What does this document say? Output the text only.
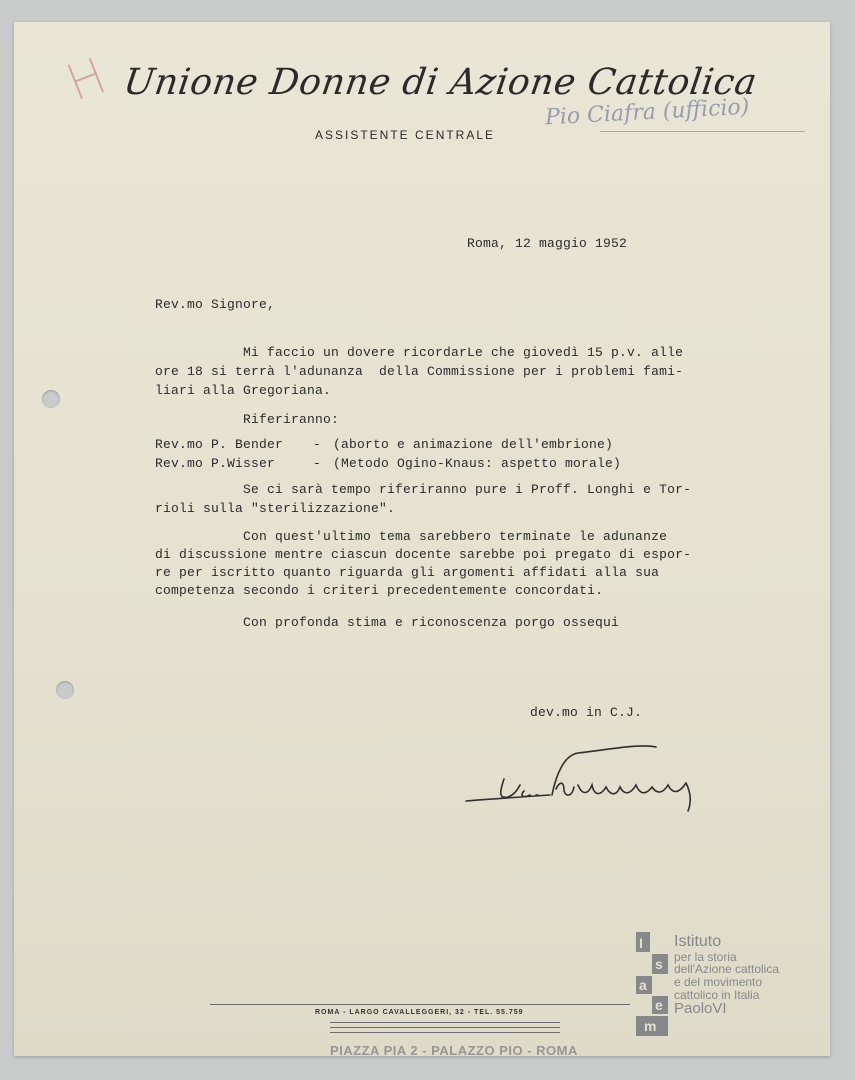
Unione Donne di Azione Cattolica
ASSISTENTE CENTRALE
Pio Ciafra (ufficio)
Roma, 12 maggio 1952
Rev.mo Signore,
Mi faccio un dovere ricordarLe che giovedì 15 p.v. alle
ore 18 si terrà l'adunanza  della Commissione per i problemi fami-
liari alla Gregoriana.
Riferiranno:
Rev.mo P. Bender - (aborto e animazione dell'embrione)
Rev.mo P.Wisser	- (Metodo Ogino-Knaus: aspetto morale)
Se ci sarà tempo riferiranno pure i Proff. Longhi e Tor-
rioli sulla "sterilizzazione".
Con quest'ultimo tema sarebbero terminate le adunanze
di discussione mentre ciascun docente sarebbe poi pregato di espor-
re per iscritto quanto riguarda gli argomenti affidati alla sua
competenza secondo i criteri precedentemente concordati.
Con profonda stima e riconoscenza porgo ossequi
dev.mo in C.J.
ROMA - LARGO CAVALLEGGERI, 32 - TEL. 55.759
PIAZZA PIA 2 - PALAZZO PIO - ROMA
I
s
a
e
m
Istituto
per la storia
dell'Azione cattolica
e del movimento
cattolico in Italia
PaoloVI
